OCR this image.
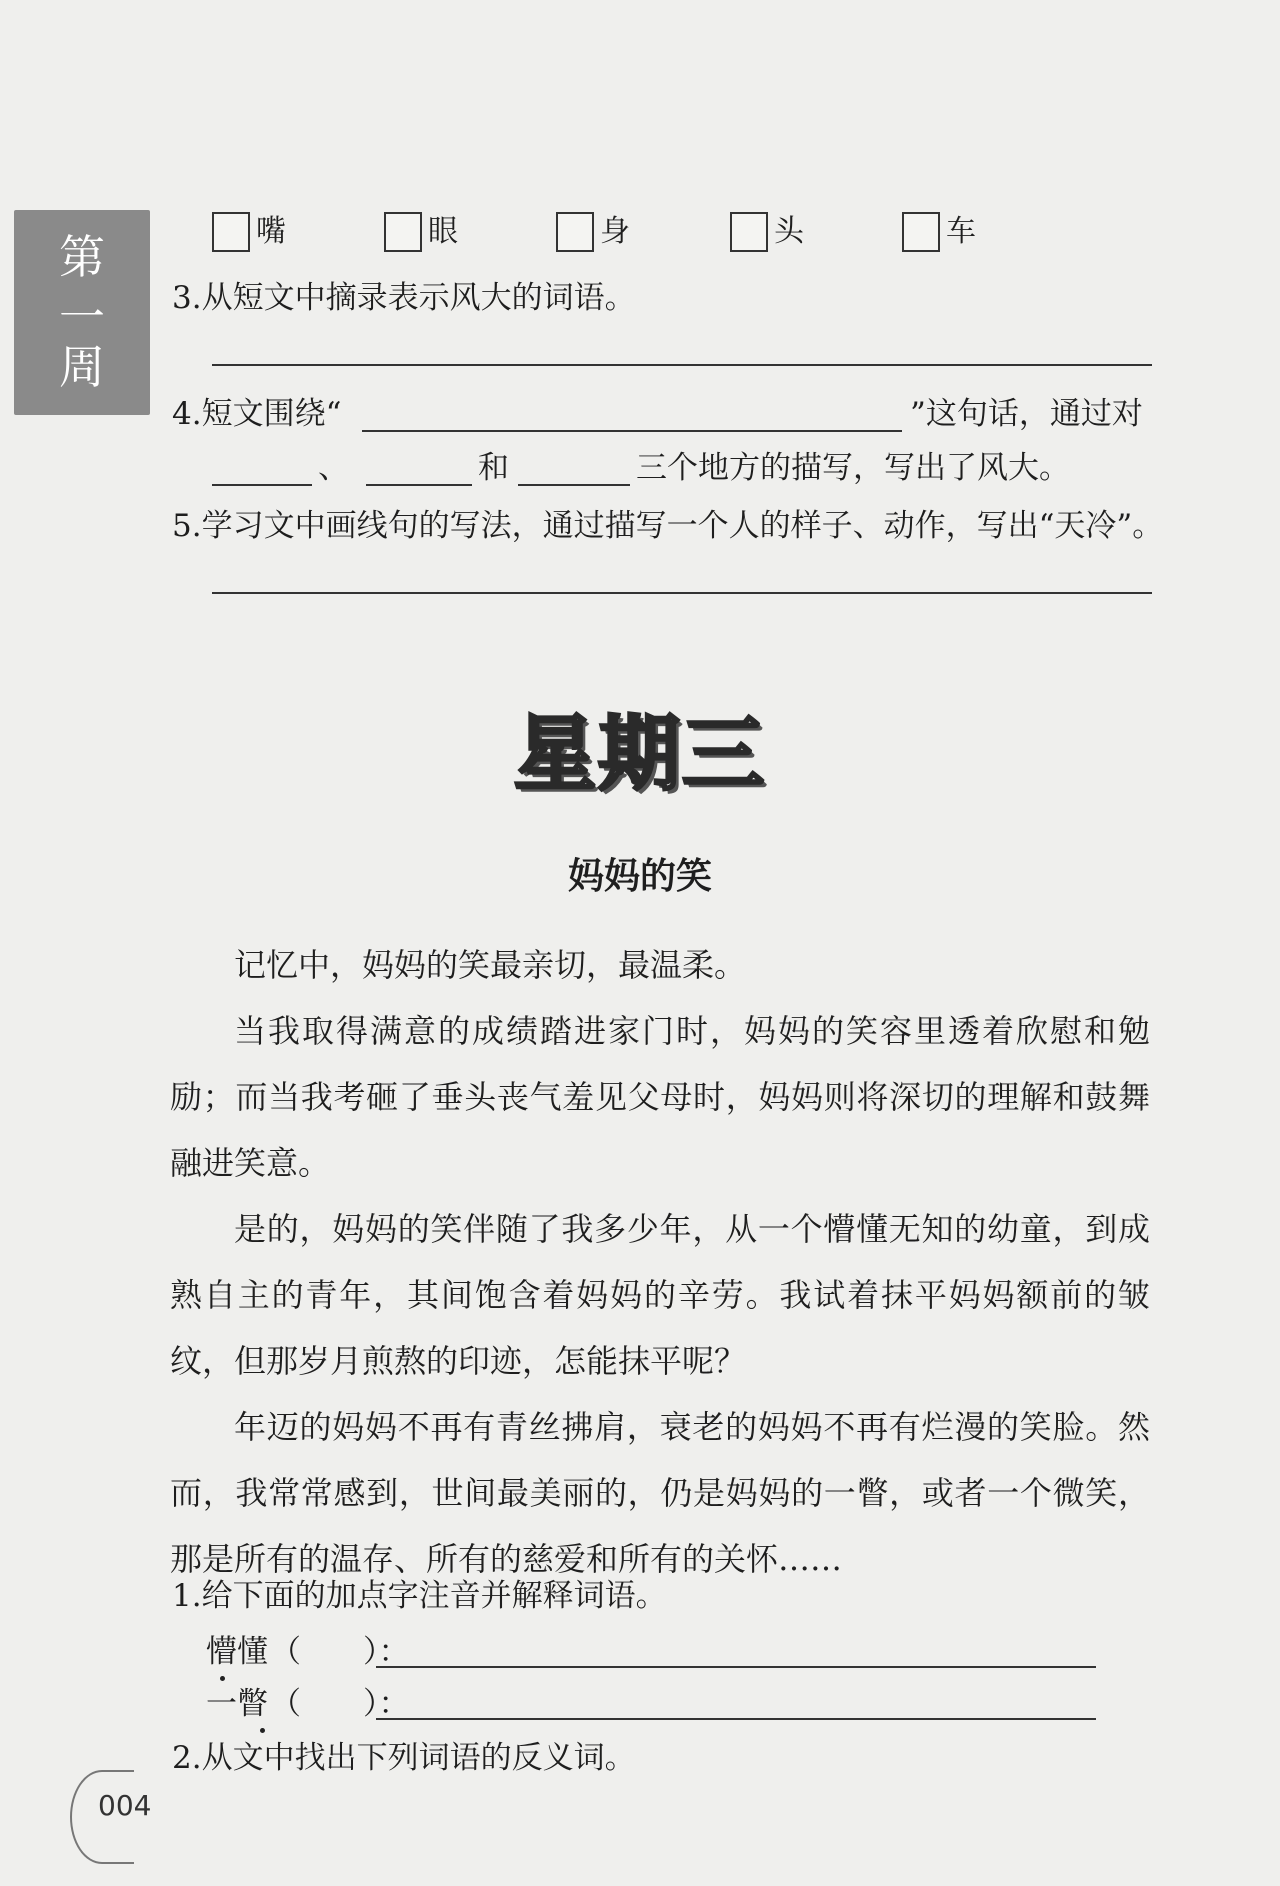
第
一
周
嘴	眼	身	头	车
3.从短文中摘录表示风大的词语。
4.短文围绕“	”这句话，通过对
、	和	三个地方的描写，写出了风大。
5.学习文中画线句的写法，通过描写一个人的样子、动作，写出“天冷”。
星期三
妈妈的笑
记忆中，妈妈的笑最亲切，最温柔。
当我取得满意的成绩踏进家门时，妈妈的笑容里透着欣慰和勉励；而当我考砸了垂头丧气羞见父母时，妈妈则将深切的理解和鼓舞融进笑意。
是的，妈妈的笑伴随了我多少年，从一个懵懂无知的幼童，到成熟自主的青年，其间饱含着妈妈的辛劳。我试着抹平妈妈额前的皱纹，但那岁月煎熬的印迹，怎能抹平呢？
年迈的妈妈不再有青丝拂肩，衰老的妈妈不再有烂漫的笑脸。然而，我常常感到，世间最美丽的，仍是妈妈的一瞥，或者一个微笑，那是所有的温存、所有的慈爱和所有的关怀……
1.给下面的加点字注音并解释词语。
懵懂 （　　）：
一瞥 （　　）：
2.从文中找出下列词语的反义词。
004
